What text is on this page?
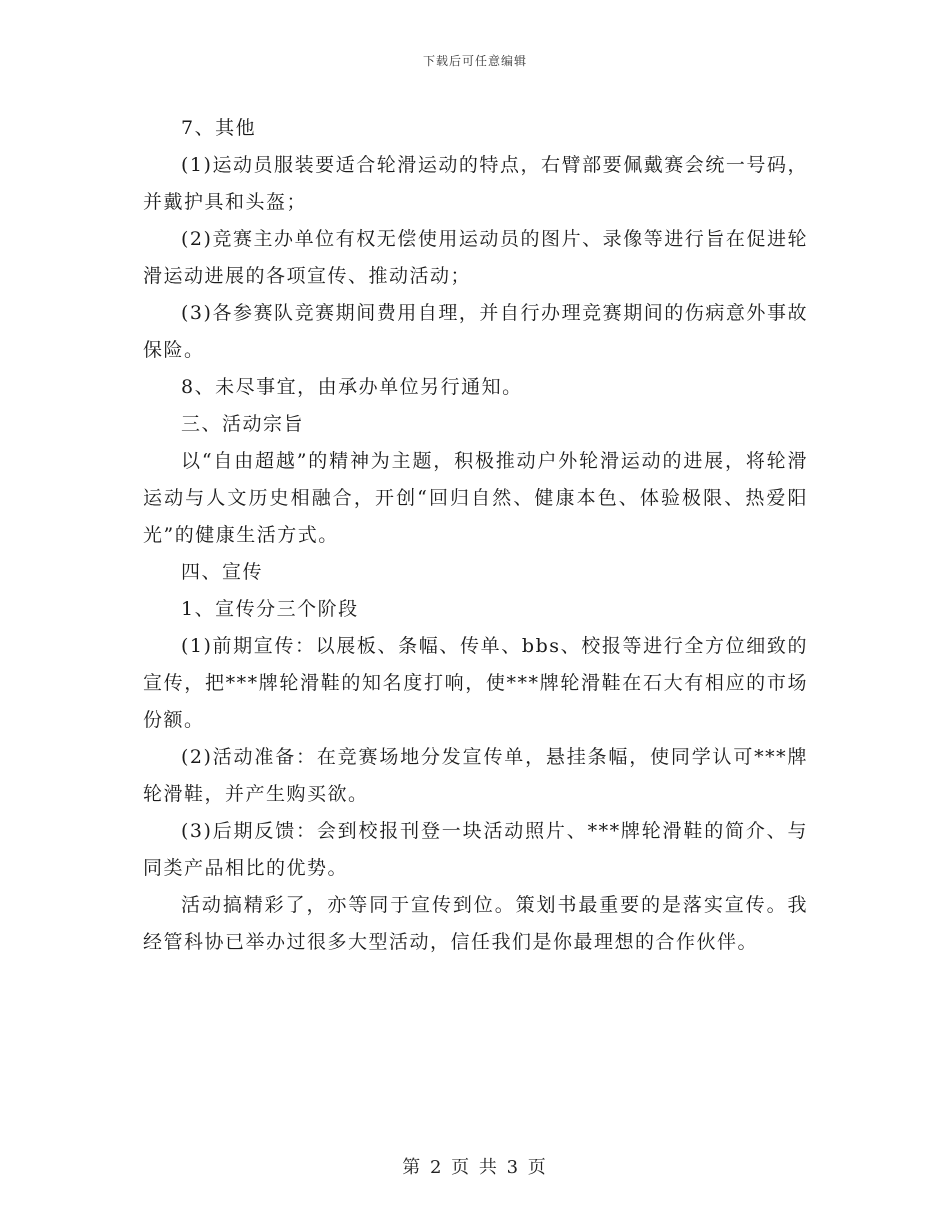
下载后可任意编辑

7、其他

(1)运动员服装要适合轮滑运动的特点，右臂部要佩戴赛会统一号码，并戴护具和头盔；

(2)竞赛主办单位有权无偿使用运动员的图片、录像等进行旨在促进轮滑运动进展的各项宣传、推动活动；

(3)各参赛队竞赛期间费用自理，并自行办理竞赛期间的伤病意外事故保险。

8、未尽事宜，由承办单位另行通知。

三、活动宗旨

以“自由超越”的精神为主题，积极推动户外轮滑运动的进展，将轮滑运动与人文历史相融合，开创“回归自然、健康本色、体验极限、热爱阳光”的健康生活方式。

四、宣传

1、宣传分三个阶段

(1)前期宣传：以展板、条幅、传单、bbs、校报等进行全方位细致的宣传，把***牌轮滑鞋的知名度打响，使***牌轮滑鞋在石大有相应的市场份额。

(2)活动准备：在竞赛场地分发宣传单，悬挂条幅，使同学认可***牌轮滑鞋，并产生购买欲。

(3)后期反馈：会到校报刊登一块活动照片、***牌轮滑鞋的简介、与同类产品相比的优势。

活动搞精彩了，亦等同于宣传到位。策划书最重要的是落实宣传。我经管科协已举办过很多大型活动，信任我们是你最理想的合作伙伴。

第 2 页 共 3 页
